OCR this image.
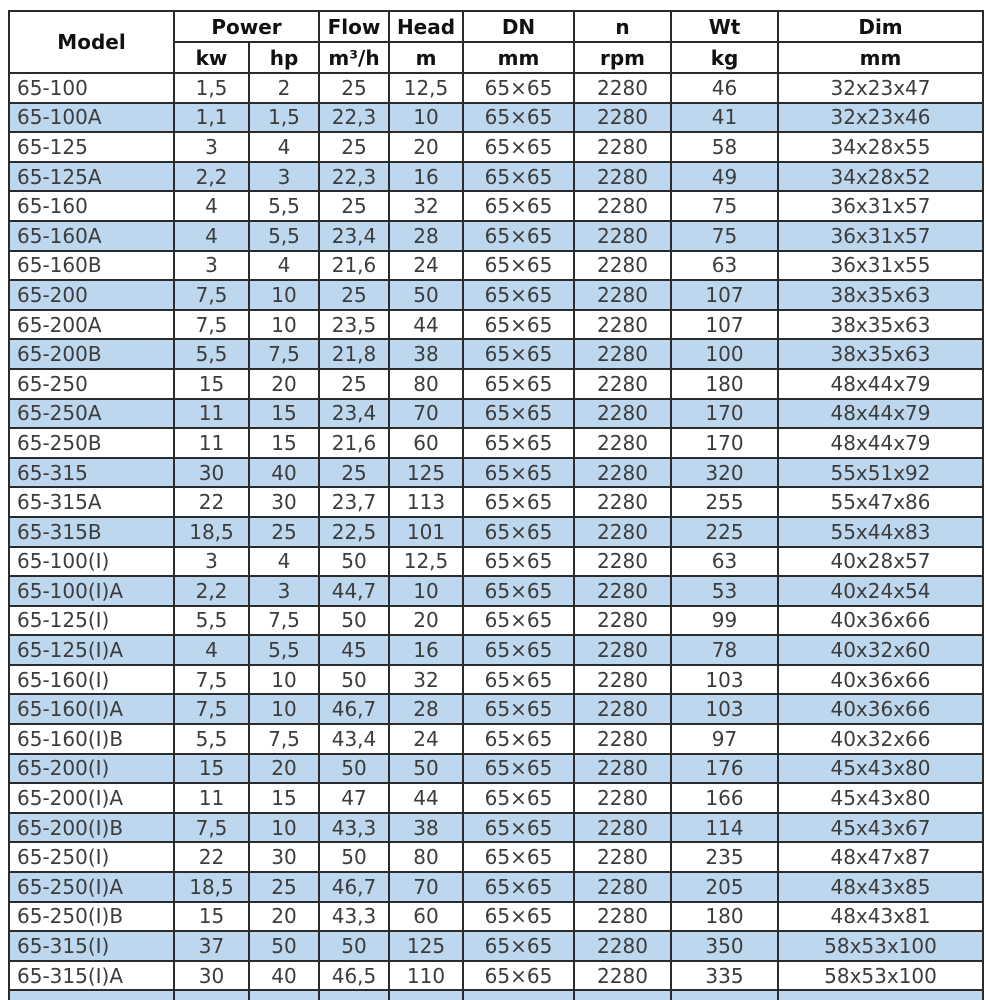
Model	Power		Flow	Head	DN	n	Wt	Dim
	kw	hp	m³/h	m	mm	rpm	kg	mm
65-100	1,5	2	25	12,5	65×65	2280	46	32x23x47
65-100A	1,1	1,5	22,3	10	65×65	2280	41	32x23x46
65-125	3	4	25	20	65×65	2280	58	34x28x55
65-125A	2,2	3	22,3	16	65×65	2280	49	34x28x52
65-160	4	5,5	25	32	65×65	2280	75	36x31x57
65-160A	4	5,5	23,4	28	65×65	2280	75	36x31x57
65-160B	3	4	21,6	24	65×65	2280	63	36x31x55
65-200	7,5	10	25	50	65×65	2280	107	38x35x63
65-200A	7,5	10	23,5	44	65×65	2280	107	38x35x63
65-200B	5,5	7,5	21,8	38	65×65	2280	100	38x35x63
65-250	15	20	25	80	65×65	2280	180	48x44x79
65-250A	11	15	23,4	70	65×65	2280	170	48x44x79
65-250B	11	15	21,6	60	65×65	2280	170	48x44x79
65-315	30	40	25	125	65×65	2280	320	55x51x92
65-315A	22	30	23,7	113	65×65	2280	255	55x47x86
65-315B	18,5	25	22,5	101	65×65	2280	225	55x44x83
65-100(I)	3	4	50	12,5	65×65	2280	63	40x28x57
65-100(I)A	2,2	3	44,7	10	65×65	2280	53	40x24x54
65-125(I)	5,5	7,5	50	20	65×65	2280	99	40x36x66
65-125(I)A	4	5,5	45	16	65×65	2280	78	40x32x60
65-160(I)	7,5	10	50	32	65×65	2280	103	40x36x66
65-160(I)A	7,5	10	46,7	28	65×65	2280	103	40x36x66
65-160(I)B	5,5	7,5	43,4	24	65×65	2280	97	40x32x66
65-200(I)	15	20	50	50	65×65	2280	176	45x43x80
65-200(I)A	11	15	47	44	65×65	2280	166	45x43x80
65-200(I)B	7,5	10	43,3	38	65×65	2280	114	45x43x67
65-250(I)	22	30	50	80	65×65	2280	235	48x47x87
65-250(I)A	18,5	25	46,7	70	65×65	2280	205	48x43x85
65-250(I)B	15	20	43,3	60	65×65	2280	180	48x43x81
65-315(I)	37	50	50	125	65×65	2280	350	58x53x100
65-315(I)A	30	40	46,5	110	65×65	2280	335	58x53x100
